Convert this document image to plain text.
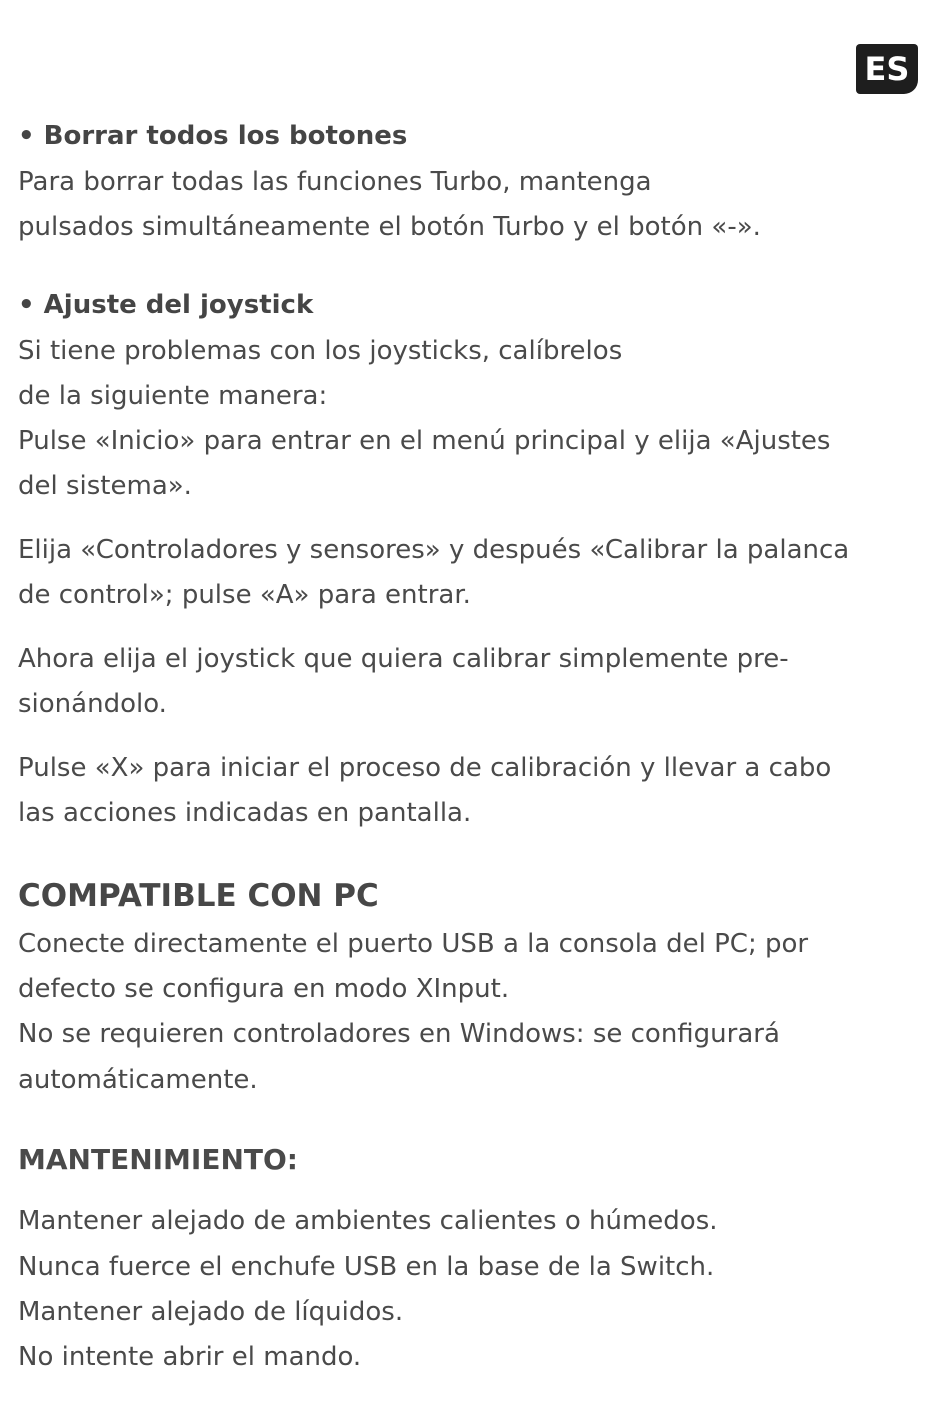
ES

• Borrar todos los botones

Para borrar todas las funciones Turbo, mantenga

pulsados simultáneamente el botón Turbo y el botón «-».

• Ajuste del joystick

Si tiene problemas con los joysticks, calíbrelos

de la siguiente manera:

Pulse «Inicio» para entrar en el menú principal y elija «Ajustes

del sistema».

Elija «Controladores y sensores» y después «Calibrar la palanca

de control»; pulse «A» para entrar.

Ahora elija el joystick que quiera calibrar simplemente pre-

sionándolo.

Pulse «X» para iniciar el proceso de calibración y llevar a cabo

las acciones indicadas en pantalla.

COMPATIBLE CON PC

Conecte directamente el puerto USB a la consola del PC; por

defecto se configura en modo XInput.

No se requieren controladores en Windows: se configurará

automáticamente.

MANTENIMIENTO:

Mantener alejado de ambientes calientes o húmedos.

Nunca fuerce el enchufe USB en la base de la Switch.

Mantener alejado de líquidos.

No intente abrir el mando.
